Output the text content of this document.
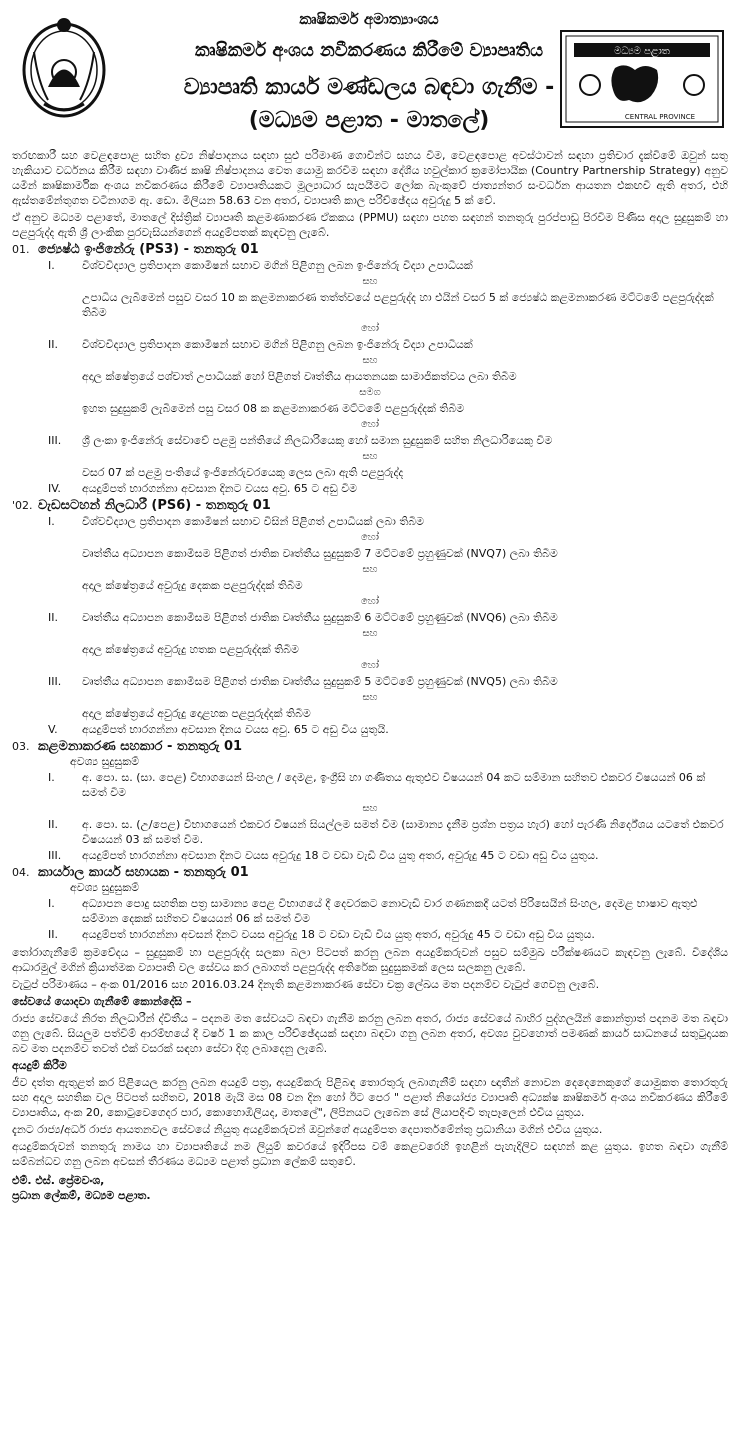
කෘෂිකර්ම අමාත්‍යාංශය
කෘෂිකර්ම අංශය නවීකරණය කිරීමේ ව්‍යාපෘතිය
ව්‍යාපෘති කාර්ය මණ්ඩලය බඳවා ගැනීම -
(මධ්‍යම පළාත - මාතලේ)
මධ්‍යම පළාත
CENTRAL PROVINCE

තරඟකාරී සහ වෙළඳපොළ සහිත ද්‍රව්‍ය නිෂ්පාදනය සඳහා සුළු පරිමාණ ගොවීන්ට සහය වීම, වෙළඳපොළ අවස්ථාවන් සඳහා ප්‍රතිචාර දැක්වීමේ ඔවුන් සතු හැකියාව වර්ධනය කිරීම සඳහා වාණිජ කෘෂි නිෂ්පාදනය වෙත යොමු කරවීම සඳහා දේශීය හවුල්කාර ක්‍රමෝපායික (Country Partnership Strategy) අනුව යමින් කෘෂිකාර්මික අංශය නවීකරණය කිරීමේ ව්‍යාපෘතියකට මූල්‍යාධාර සැපයීමට ලෝක බැංකුවේ ජාත්‍යන්තර සංවර්ධන ආයතන එකඟවී ඇති අතර, එහි ඇස්තමේන්තුගත වටිනාගම ඇ. ඩො. මිලියන 58.63 වන අතර, ව්‍යාපෘති කාල පරිච්ඡේදය අවුරුදු 5 ක් වේ.

ඒ අනුව මධ්‍යම පළාතේ, මාතලේ දිස්ත්‍රික් ව්‍යාපෘති කළමණාකරණ ඒකකය (PPMU) සඳහා පහත සඳහන් තනතුරු පුරප්පාඩු පිරවීම පිණිස අදාල සුදුසුකම් හා පළපුරුද්ද ඇති ශ්‍රී ලාංකික පුරවැසියන්ගෙන් අයදුම්පතක් කැඳවනු ලැබේ.

01. ජ්‍යෙෂ්ඨ ඉංජිනේරු (PS3) - තනතුරු 01
I.	විශ්වවිද්‍යාල ප්‍රතිපාදන කොමිෂන් සභාව මගින් පිළිගනු ලබන ඉංජිනේරු විද්‍යා උපාධියක්
සහ
උපාධිය ලැබීමෙන් පසුව වසර 10 ක කළමනාකරණ තත්ත්වයේ පළපුරුද්ද හා එයින් වසර 5 ක් ජ්‍යෙෂ්ඨ කළමනාකරණ මට්ටමේ පළපුරුද්දක් තිබීම
හෝ
II.	විශ්වවිද්‍යාල ප්‍රතිපාදන කොමිෂන් සභාව මගින් පිළිගනු ලබන ඉංජිනේරු විද්‍යා උපාධියක්
සහ
අදාල ක්ෂේත්‍රයේ පශ්චාත් උපාධියක් හෝ පිළිගත් වෘත්තීය ආයතනයක සාමාජිකත්වය ලබා තිබීම
සමග
ඉහත සුදුසුකම් ලැබීමෙන් පසු වසර 08 ක කළමනාකරණ මට්ටමේ පළපුරුද්දක් තිබීම
හෝ
III.	ශ්‍රී ලංකා ඉංජිනේරු සේවාවේ පළමු පන්තියේ නිලධාරියෙකු හෝ සමාන සුදුසුකම් සහිත නිලධාරියෙකු වීම
සහ
වසර 07 ක් පළමු පංතියේ ඉංජිනේරුවරයෙකු ලෙස ලබා ඇති පළපුරුද්ද
IV.	අයදුම්පත් භාරගන්නා අවසාන දිනට වයස අවු. 65 ට අඩු වීම
'02. වැඩසටහන් නිලධාරී (PS6) - තනතුරු 01
I.	විශ්වවිද්‍යාල ප්‍රතිපාදන කොමිෂන් සභාව විසින් පිළිගත් උපාධියක් ලබා තිබීම
හෝ
වෘත්තීය අධ්‍යාපන කොමිසම පිළිගත් ජාතික වෘත්තීය සුදුසුකම් 7 මට්ටමේ ප්‍රහුණුවක් (NVQ7) ලබා තිබීම
සහ
අදාල ක්ෂේත්‍රයේ අවුරුදු දෙකක පළපුරුද්දක් තිබීම
හෝ
II.	වෘත්තීය අධ්‍යාපන කොමිසම පිළිගත් ජාතික වෘත්තීය සුදුසුකම් 6 මට්ටමේ ප්‍රහුණුවක් (NVQ6) ලබා තිබීම
සහ
අදාල ක්ෂේත්‍රයේ අවුරුදු හතක පළපුරුද්දක් තිබීම
හෝ
III.	වෘත්තීය අධ්‍යාපන කොමිසම පිළිගත් ජාතික වෘත්තීය සුදුසුකම් 5 මට්ටමේ ප්‍රහුණුවක් (NVQ5) ලබා තිබීම
සහ
අදාල ක්ෂේත්‍රයේ අවුරුදු දොළහක පළපුරුද්දක් තිබීම
V.	අයදුම්පත් භාරගන්නා අවසාන දිනය වයස අවු. 65 ට අඩු විය යුතුයි.
03. කළමනාකරණ සහකාර - තනතුරු 01
අවශ්‍ය සුදුසුකම්
I.	අ. පො. ස. (සා. පෙළ) විභාගයෙන් සිංහල / දෙමළ, ඉංග්‍රීසි හා ගණිතය ඇතුළුව විෂයයන් 04 කට සම්මාන සහිතව එකවර විෂයයන් 06 ක් සමත් වීම
සහ
II.	අ. පො. ස. (උ/පෙළ) විභාගයෙන් එකවර විෂයන් සියල්ලම සමත් වීම (සාමාන්‍ය දැනීම ප්‍රශ්න පත්‍රය හැර) හෝ පැරණි නිර්දේශය යටතේ එකවර විෂයයන් 03 ක් සමත් වීම.
III.	අයදුම්පත් භාරගන්නා අවසාන දිනට වයස අවුරුදු 18 ට වඩා වැඩි විය යුතු අතර, අවුරුදු 45 ට වඩා අඩු විය යුතුය.
04. කාර්යාල කාර්ය සහායක - තනතුරු 01
අවශ්‍ය සුදුසුකම්
I.	අධ්‍යාපන පොදු සහතික පත්‍ර සාමාන්‍ය පෙළ විභාගයේ දී දෙවරකට නොවැඩි වාර ගණනකදී යටත් පිරිසෙයින් සිංහල, දෙමළ භාෂාව ඇතුළු සම්මාන දෙකක් සහිතව විෂයයන් 06 ක් සමත් වීම
II.	අයදුම්පත් භාරගන්නා අවසන් දිනට වයස අවුරුදු 18 ට වඩා වැඩි විය යුතු අතර, අවුරුදු 45 ට වඩා අඩු විය යුතුය.

තෝරාගැනීමේ ක්‍රමවේදය – සුදුසුකම් හා පළපුරුද්ද සලකා බලා පිටපත් කරනු ලබන අයදුම්කරුවන් පසුව සම්මුඛ පරීක්ෂණයට කැඳවනු ලැබේ. විදේශීය ආධාරමුල් මගින් ක්‍රියාත්මක ව්‍යාපෘති වල සේවය කර ලබාගත් පළපුරුද්ද අතිරේක සුදුසුකමක් ලෙස සලකනු ලැබේ.

වැටුප් පරිමාණය – අංක 01/2016 සහ 2016.03.24 දිනැති කළමනාකරණ සේවා චක්‍ර ලේඛය මත පදනම්ව වැටුප් ගෙවනු ලැබේ.

සේවයේ යොදවා ගැනීමේ කොන්දේසි –

රාජ්‍ය සේවයේ නිරත නිලධාරීන් ද්විතීය – පදනම මත සේවයට බඳවා ගැනීම කරනු ලබන අතර, රාජ්‍ය සේවයේ බාහිර පුද්ගලයින් කොන්ත්‍රාත් පදනම මත බඳවා ගනු ලැබේ. සියලුම පත්වීම් ආරම්භයේ දී වර්ෂ 1 ක කාල පරිච්ඡේදයක් සඳහා බඳවා ගනු ලබන අතර, අවශ්‍ය වුවහොත් පමණක් කාර්ය සාධනයේ සතුටුදායක බව මත පදනම්ව තවත් එක් වසරක් සඳහා සේවා දිගු ලබාදෙනු ලැබේ.

අයදුම් කිරීම

ජීව දත්ත ඇතුළත් කර පිළියෙල කරනු ලබන අයදුම් පත්‍ර, අයදුම්කරු පිළිබඳ තොරතුරු ලබාගැනීම් සඳහා ඥාතීන් නොවන දෙදෙනෙකුගේ යොමුකත තොරතුරු සහ අදාල සහතික වල පිටපත් සහිතව, 2018 මැයි මස 08 වන දින හෝ ඊට පෙර " පළාත් නියෝජ්‍ය ව්‍යාපෘති අධ්‍යක්ෂ කෘෂිකර්ම අංශය නවීකරණය කිරීමේ ව්‍යාපෘතිය, අංක 20, කොටුවෙගෙදර පාර, කොහොඹිලියද, මාතලේ", ලිපිනයට ලැබෙන සේ ලියාපදිංචි තැපෑලෙන් එවිය යුතුය.

දැනට රාජ්‍ය/අර්ධ රාජ්‍ය ආයතනවල සේවයේ නියුතු අයදුම්කරුවන් ඔවුන්ගේ අයදුම්පත දෙපාර්තමේන්තු ප්‍රධානියා මගින් එවිය යුතුය.

අයදුම්කරුවන් තනතුරු නාමය හා ව්‍යාපෘතියේ නම ලියුම් කවරයේ ඉදිරිපස වම් කෙළවරෙහි ඉහළින් පැහැදිලිව සඳහන් කළ යුතුය. ඉහත බඳවා ගැනීම් සම්බන්ධව ගනු ලබන අවසන් තීරණය මධ්‍යම පළාත් ප්‍රධාන ලේකම් සතුවේ.

එම්. එස්. ප්‍රේමවංශ,
ප්‍රධාන ලේකම්, මධ්‍යම පළාත.
